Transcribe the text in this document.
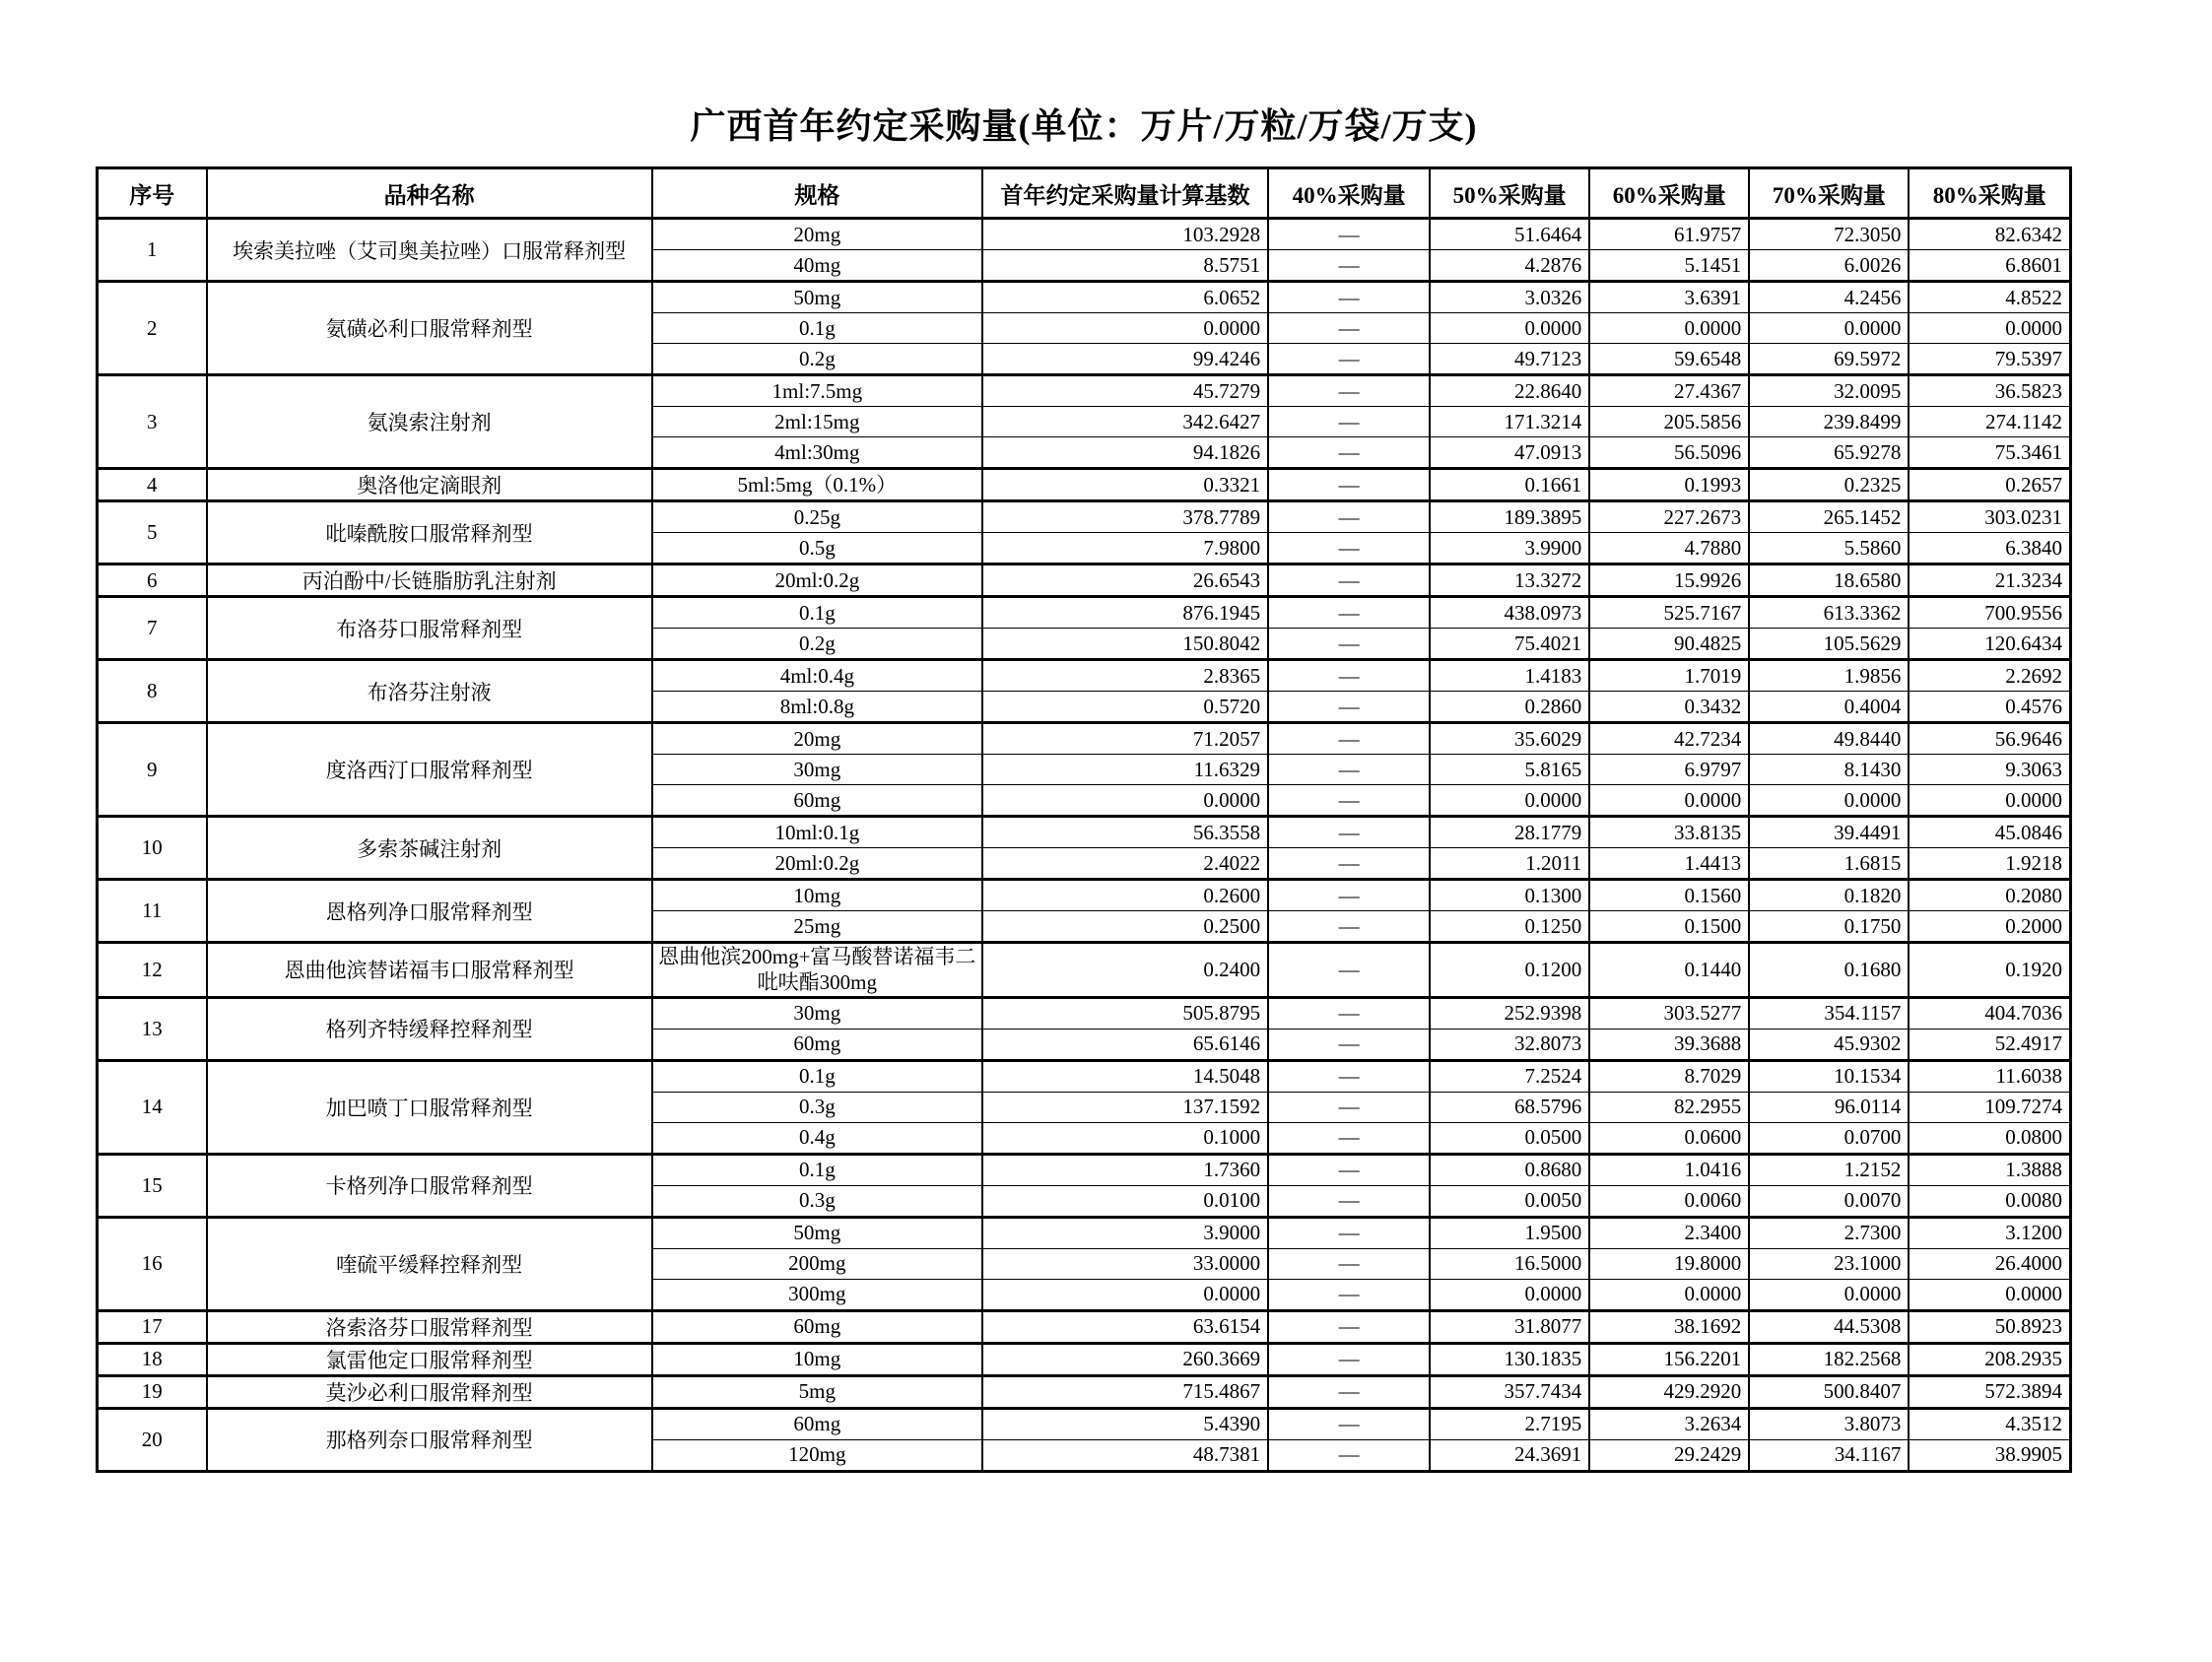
广西首年约定采购量(单位：万片/万粒/万袋/万支)
序号	品种名称	规格	首年约定采购量计算基数	40%采购量	50%采购量	60%采购量	70%采购量	80%采购量
1	埃索美拉唑（艾司奥美拉唑）口服常释剂型	20mg	103.2928	—	51.6464	61.9757	72.3050	82.6342
		40mg	8.5751	—	4.2876	5.1451	6.0026	6.8601
2	氨磺必利口服常释剂型	50mg	6.0652	—	3.0326	3.6391	4.2456	4.8522
		0.1g	0.0000	—	0.0000	0.0000	0.0000	0.0000
		0.2g	99.4246	—	49.7123	59.6548	69.5972	79.5397
3	氨溴索注射剂	1ml:7.5mg	45.7279	—	22.8640	27.4367	32.0095	36.5823
		2ml:15mg	342.6427	—	171.3214	205.5856	239.8499	274.1142
		4ml:30mg	94.1826	—	47.0913	56.5096	65.9278	75.3461
4	奥洛他定滴眼剂	5ml:5mg（0.1%）	0.3321	—	0.1661	0.1993	0.2325	0.2657
5	吡嗪酰胺口服常释剂型	0.25g	378.7789	—	189.3895	227.2673	265.1452	303.0231
		0.5g	7.9800	—	3.9900	4.7880	5.5860	6.3840
6	丙泊酚中/长链脂肪乳注射剂	20ml:0.2g	26.6543	—	13.3272	15.9926	18.6580	21.3234
7	布洛芬口服常释剂型	0.1g	876.1945	—	438.0973	525.7167	613.3362	700.9556
		0.2g	150.8042	—	75.4021	90.4825	105.5629	120.6434
8	布洛芬注射液	4ml:0.4g	2.8365	—	1.4183	1.7019	1.9856	2.2692
		8ml:0.8g	0.5720	—	0.2860	0.3432	0.4004	0.4576
9	度洛西汀口服常释剂型	20mg	71.2057	—	35.6029	42.7234	49.8440	56.9646
		30mg	11.6329	—	5.8165	6.9797	8.1430	9.3063
		60mg	0.0000	—	0.0000	0.0000	0.0000	0.0000
10	多索茶碱注射剂	10ml:0.1g	56.3558	—	28.1779	33.8135	39.4491	45.0846
		20ml:0.2g	2.4022	—	1.2011	1.4413	1.6815	1.9218
11	恩格列净口服常释剂型	10mg	0.2600	—	0.1300	0.1560	0.1820	0.2080
		25mg	0.2500	—	0.1250	0.1500	0.1750	0.2000
12	恩曲他滨替诺福韦口服常释剂型	恩曲他滨200mg+富马酸替诺福韦二吡呋酯300mg	0.2400	—	0.1200	0.1440	0.1680	0.1920
13	格列齐特缓释控释剂型	30mg	505.8795	—	252.9398	303.5277	354.1157	404.7036
		60mg	65.6146	—	32.8073	39.3688	45.9302	52.4917
14	加巴喷丁口服常释剂型	0.1g	14.5048	—	7.2524	8.7029	10.1534	11.6038
		0.3g	137.1592	—	68.5796	82.2955	96.0114	109.7274
		0.4g	0.1000	—	0.0500	0.0600	0.0700	0.0800
15	卡格列净口服常释剂型	0.1g	1.7360	—	0.8680	1.0416	1.2152	1.3888
		0.3g	0.0100	—	0.0050	0.0060	0.0070	0.0080
16	喹硫平缓释控释剂型	50mg	3.9000	—	1.9500	2.3400	2.7300	3.1200
		200mg	33.0000	—	16.5000	19.8000	23.1000	26.4000
		300mg	0.0000	—	0.0000	0.0000	0.0000	0.0000
17	洛索洛芬口服常释剂型	60mg	63.6154	—	31.8077	38.1692	44.5308	50.8923
18	氯雷他定口服常释剂型	10mg	260.3669	—	130.1835	156.2201	182.2568	208.2935
19	莫沙必利口服常释剂型	5mg	715.4867	—	357.7434	429.2920	500.8407	572.3894
20	那格列奈口服常释剂型	60mg	5.4390	—	2.7195	3.2634	3.8073	4.3512
		120mg	48.7381	—	24.3691	29.2429	34.1167	38.9905
